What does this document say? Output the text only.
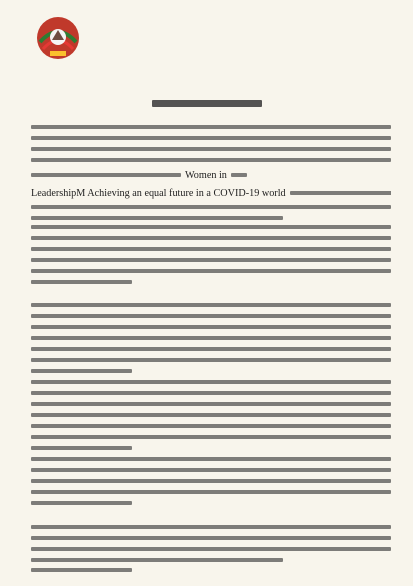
Women in
LeadershipM Achieving an equal future in a COVID-19 world
